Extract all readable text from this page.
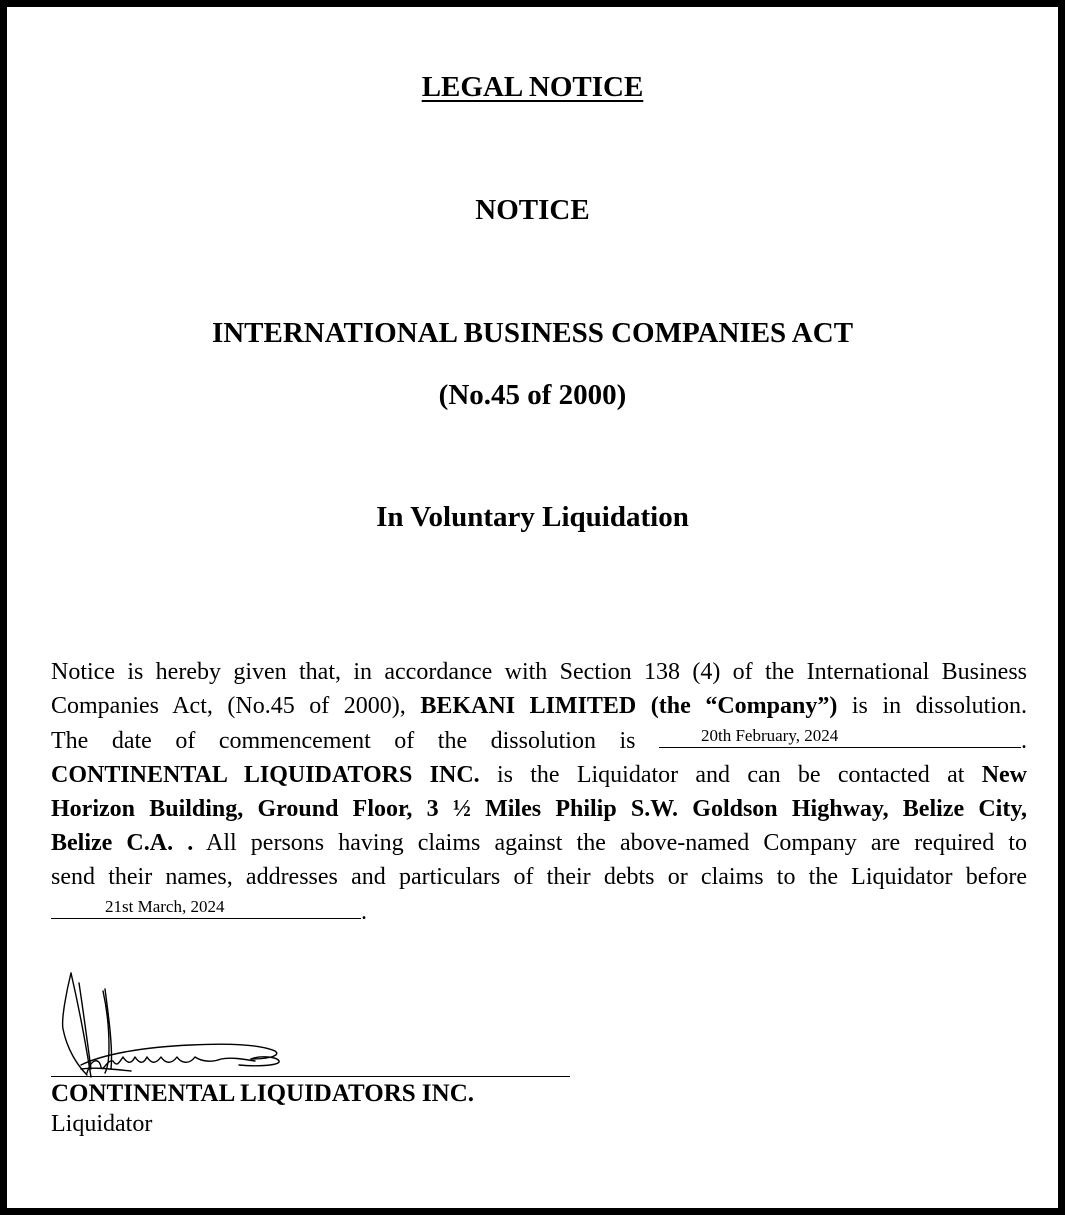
LEGAL NOTICE
NOTICE
INTERNATIONAL BUSINESS COMPANIES ACT
(No.45 of 2000)
In Voluntary Liquidation
Notice is hereby given that, in accordance with Section 138 (4) of the International Business
Companies Act, (No.45 of 2000), BEKANI LIMITED (the “Company”) is in dissolution.
The date of commencement of the dissolution is	20th February, 2024	.
CONTINENTAL LIQUIDATORS INC. is the Liquidator and can be contacted at New
Horizon Building, Ground Floor, 3 ½ Miles Philip S.W. Goldson Highway, Belize City,
Belize C.A. . All persons having claims against the above-named Company are required to
send their names, addresses and particulars of their debts or claims to the Liquidator before
21st March, 2024	.
CONTINENTAL LIQUIDATORS INC.
Liquidator
